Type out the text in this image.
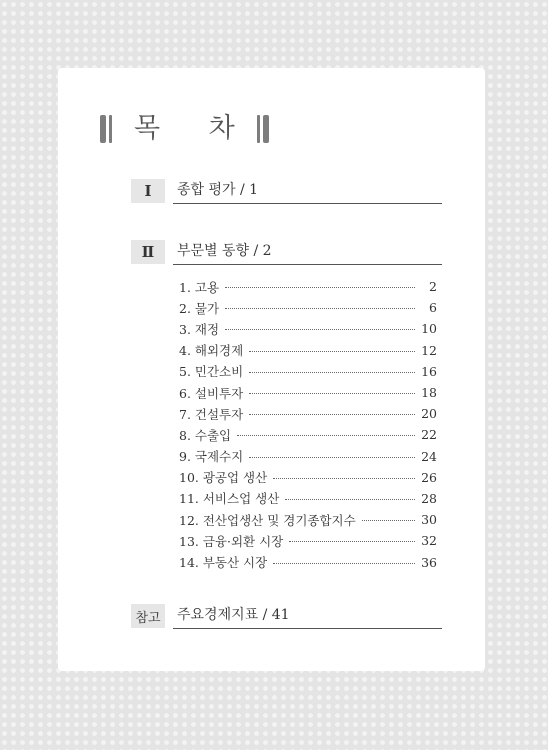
목 차
Ⅰ	종합 평가 / 1
Ⅱ	부문별 동향 / 2
1. 고용	2
2. 물가	6
3. 재정	10
4. 해외경제	12
5. 민간소비	16
6. 설비투자	18
7. 건설투자	20
8. 수출입	22
9. 국제수지	24
10. 광공업 생산	26
11. 서비스업 생산	28
12. 전산업생산 및 경기종합지수	30
13. 금융·외환 시장	32
14. 부동산 시장	36
참고	주요경제지표 / 41
